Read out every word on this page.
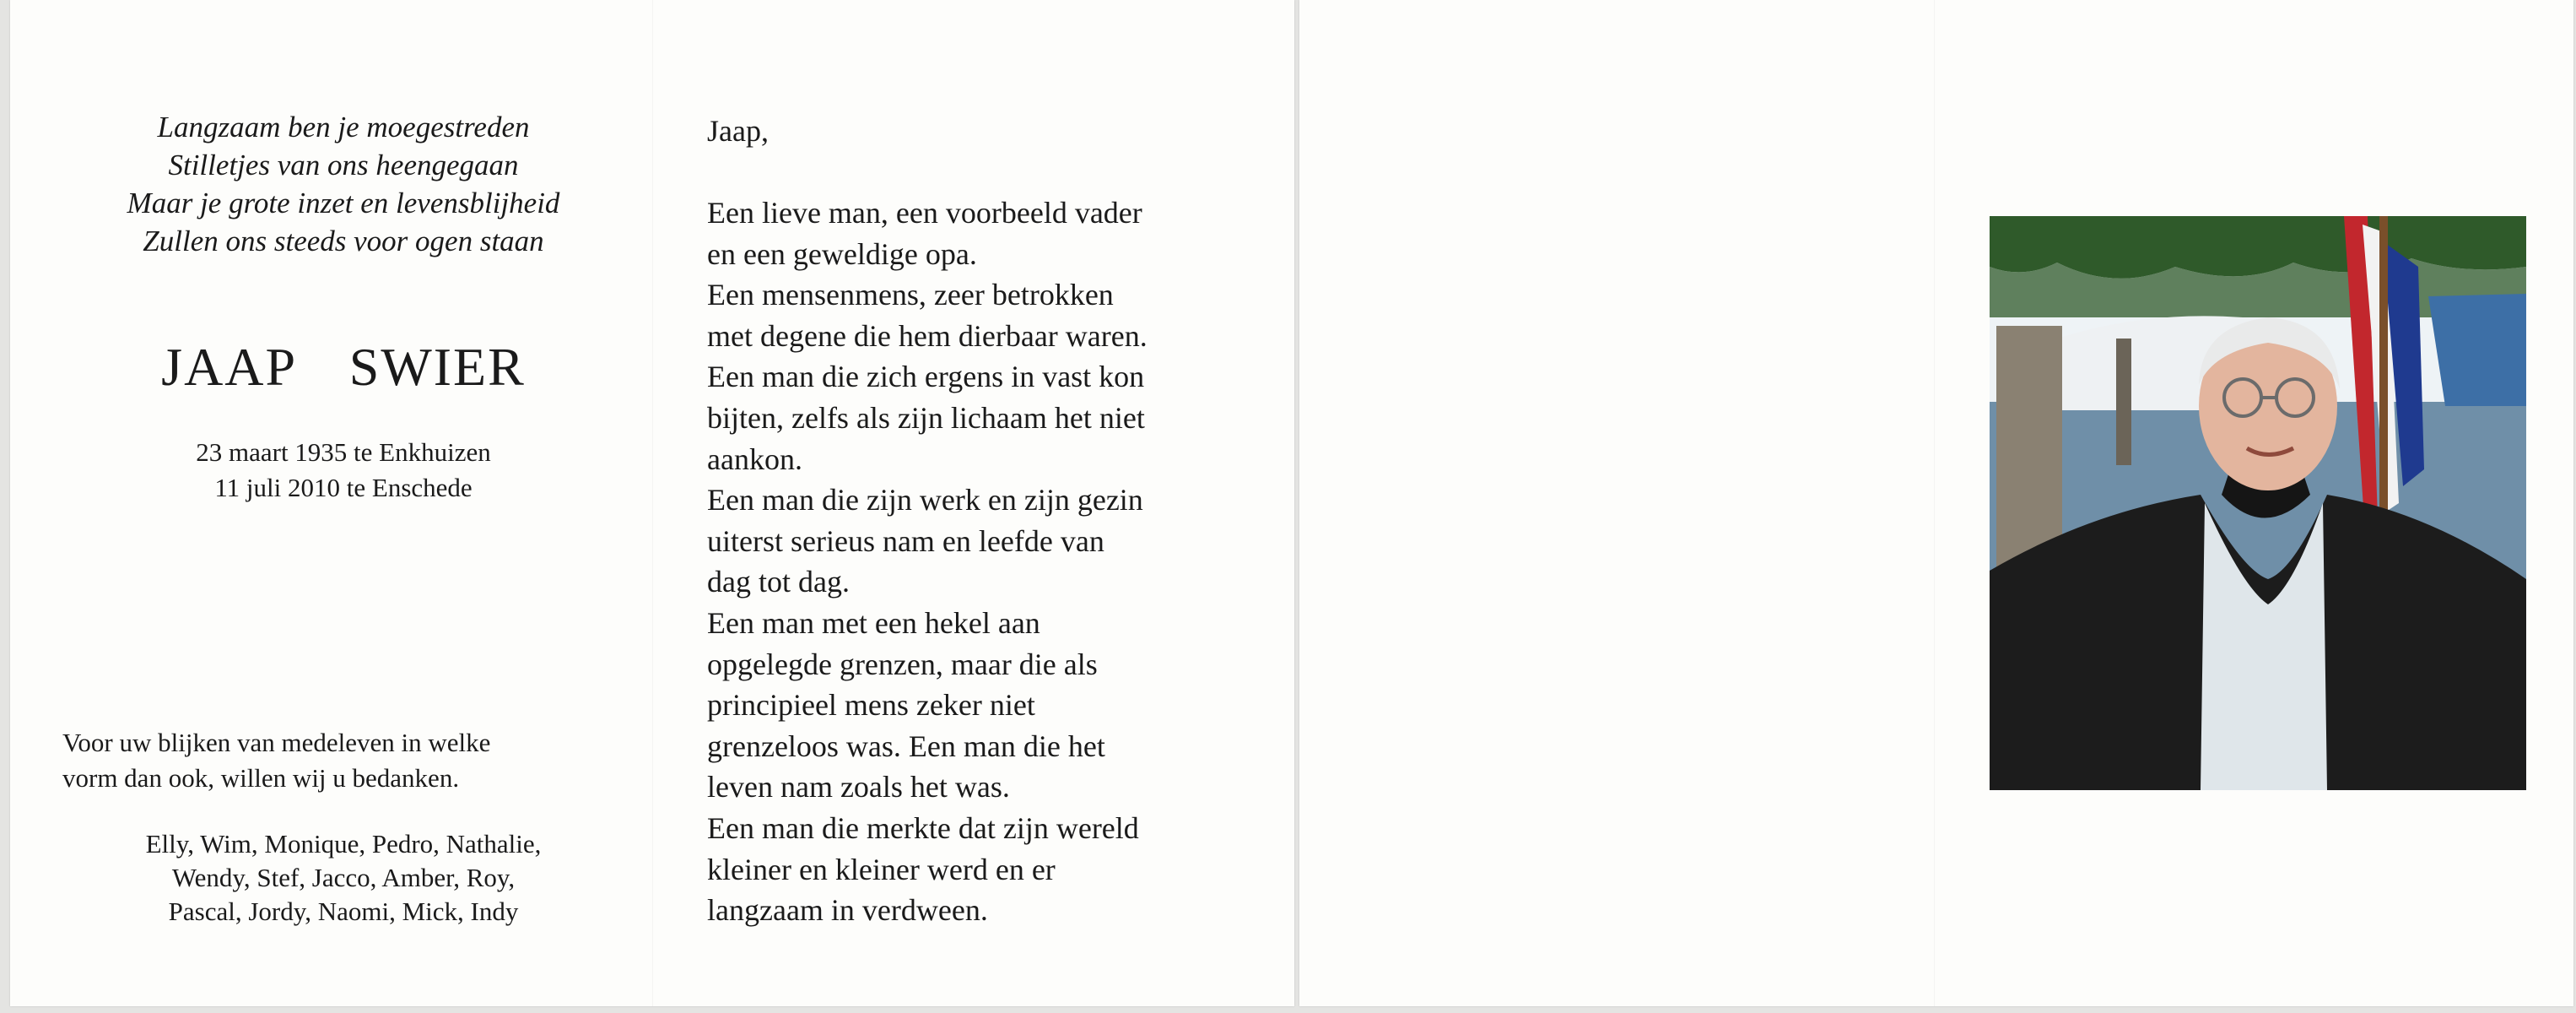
Langzaam ben je moegestreden
Stilletjes van ons heengegaan
Maar je grote inzet en levensblijheid
Zullen ons steeds voor ogen staan
JAAP  SWIER
23 maart 1935 te Enkhuizen
11 juli 2010 te Enschede
Voor uw blijken van medeleven in welke
vorm dan ook, willen wij u bedanken.
Elly, Wim, Monique, Pedro, Nathalie,
Wendy, Stef, Jacco, Amber, Roy,
Pascal, Jordy, Naomi, Mick, Indy
Jaap,
Een lieve man, een voorbeeld vader
en een geweldige opa.
Een mensenmens, zeer betrokken
met degene die hem dierbaar waren.
Een man die zich ergens in vast kon
bijten, zelfs als zijn lichaam het niet
aankon.
Een man die zijn werk en zijn gezin
uiterst serieus nam en leefde van
dag tot dag.
Een man met een hekel aan
opgelegde grenzen, maar die als
principieel mens zeker niet
grenzeloos was. Een man die het
leven nam zoals het was.
Een man die merkte dat zijn wereld
kleiner en kleiner werd en er
langzaam in verdween.
